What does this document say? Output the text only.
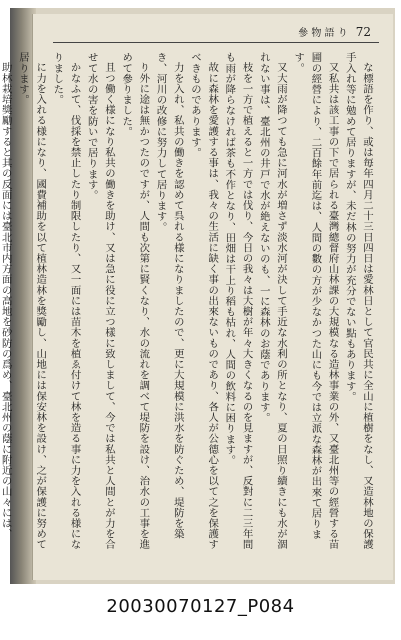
參 物 語 り 72

な標語を作り、或は毎年四月二十三日四日は愛林日として官民共に全山に植樹をなし、又造林地の保護手入れ等に勉めて居りますが、未だ林の努力が充分でない點もあります。

又私共は該工事の下で居られる臺灣總督府山林課の大規模なる造林事業の外、又臺北州等の經營する苗圃の經營により、二百餘年前迄は、人間の數の方が少なかつた山にも今では立派な森林が出來て居ります。

又大雨が降つても急に河水が増さず淡水河が決して手近な水利の所となり、夏の日照り續きにも水が涸れない事は、臺北州の井戸で水が絶えないのも、一に森林のお蔭であります。

枝を一方で植えると一方では伐り、今日の我々は大樹が年々大きくなるのを見ますが、反對に二三年間も雨が降らなければ茶も不作となり、田畑は干上り稻も枯れ、人間の飲料に困ります。

故に森林を愛護する事は、我々の生活に缺く事の出來ないものであり、各人が公德心を以て之を保護すべきものであります。

力を入れ、私共の働きを認めて呉れる様になりましたので、更に大規模に洪水を防ぐため、堤防を築き、河川の改修に努力して居ります。

り外に途は無かつたのですが、人間も次第に賢くなり、水の流れを調べて堤防を設け、治水の工事を進めて參りました。

且つ働く様になり私共の働きを助け、又は急に役に立つ樣に致しまして、今では私共と人間とが力を合せて水の害を防いで居ります。

かなふて、伐採を禁止したり制限したり、又一面には苗木を植ゑ付けて林を造る事に力を入れる様になりました。

に力を入れる様になり、國費補助を以て植林造林を獎勵し、山地には保安林を設け、之が保護に努めて居ります。

助林栽培獎勵すると其の反面には臺北市内方面の高地を砂防の爲め、臺北州の蔭に附近の山々には、

20030070127_P084
